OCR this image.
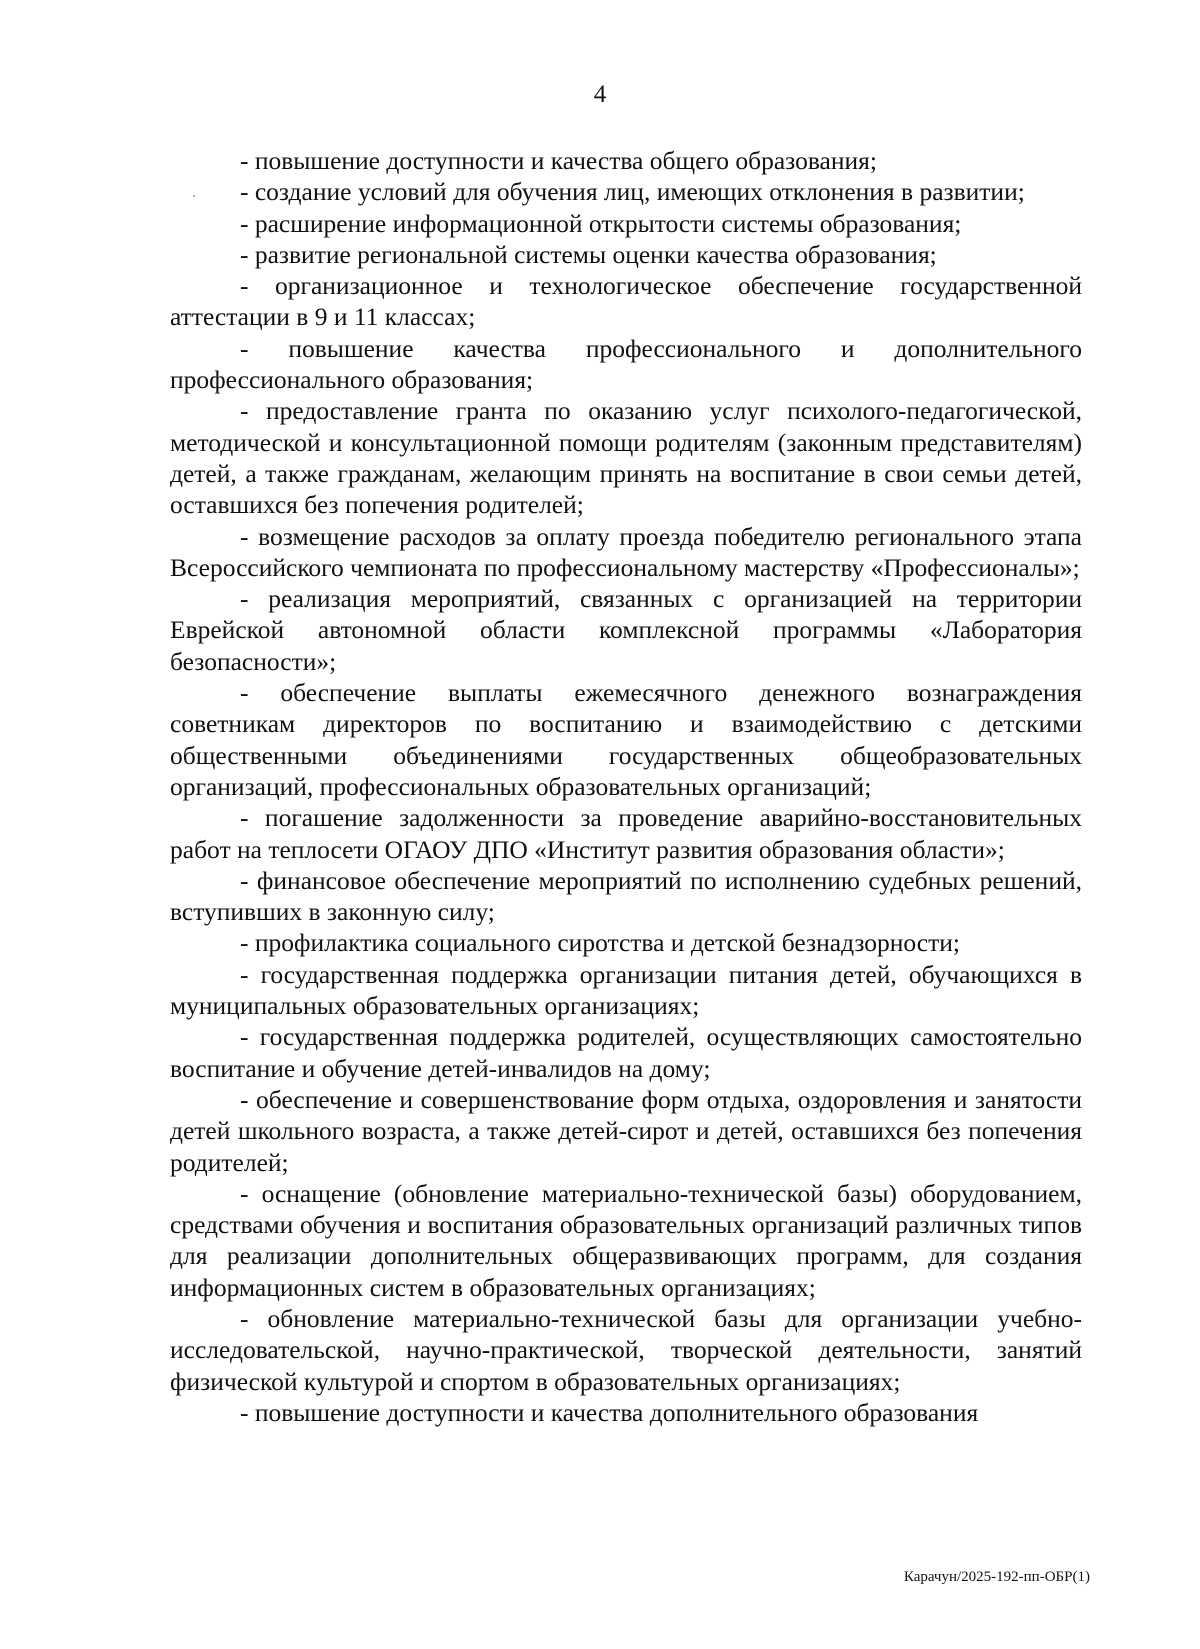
4

- повышение доступности и качества общего образования;

- создание условий для обучения лиц, имеющих отклонения в развитии;

- расширение информационной открытости системы образования;

- развитие региональной системы оценки качества образования;

- организационное и технологическое обеспечение государственной аттестации в 9 и 11 классах;

- повышение качества профессионального и дополнительного профессионального образования;

- предоставление гранта по оказанию услуг психолого-педагогической, методической и консультационной помощи родителям (законным представителям) детей, а также гражданам, желающим принять на воспитание в свои семьи детей, оставшихся без попечения родителей;

- возмещение расходов за оплату проезда победителю регионального этапа Всероссийского чемпионата по профессиональному мастерству «Профессионалы»;

- реализация мероприятий, связанных с организацией на территории Еврейской автономной области комплексной программы «Лаборатория безопасности»;

- обеспечение выплаты ежемесячного денежного вознаграждения советникам директоров по воспитанию и взаимодействию с детскими общественными объединениями государственных общеобразовательных организаций, профессиональных образовательных организаций;

- погашение задолженности за проведение аварийно-восстановительных работ на теплосети ОГАОУ ДПО «Институт развития образования области»;

- финансовое обеспечение мероприятий по исполнению судебных решений, вступивших в законную силу;

- профилактика социального сиротства и детской безнадзорности;

- государственная поддержка организации питания детей, обучающихся в муниципальных образовательных организациях;

- государственная поддержка родителей, осуществляющих самостоятельно воспитание и обучение детей-инвалидов на дому;

- обеспечение и совершенствование форм отдыха, оздоровления и занятости детей школьного возраста, а также детей-сирот и детей, оставшихся без попечения родителей;

- оснащение (обновление материально-технической базы) оборудованием, средствами обучения и воспитания образовательных организаций различных типов для реализации дополнительных общеразвивающих программ, для создания информационных систем в образовательных организациях;

- обновление материально-технической базы для организации учебно-исследовательской, научно-практической, творческой деятельности, занятий физической культурой и спортом в образовательных организациях;

- повышение доступности и качества дополнительного образования

Карачун/2025-192-пп-ОБР(1)
